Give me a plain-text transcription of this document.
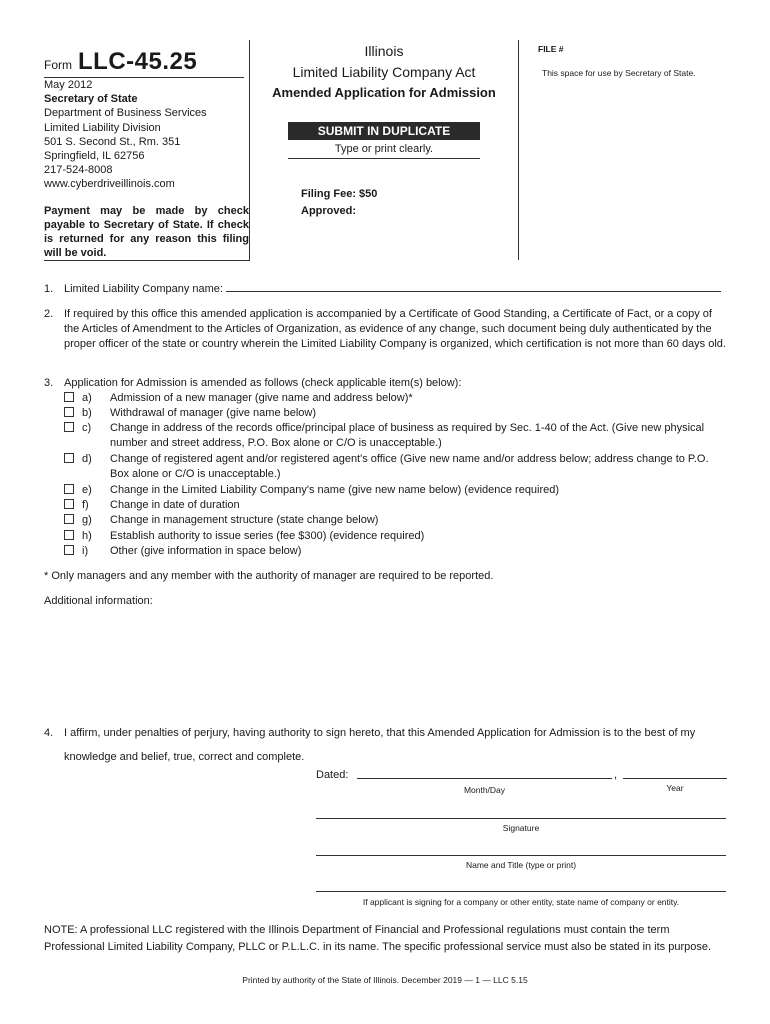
Form LLC-45.25
May 2012
Secretary of State
Department of Business Services
Limited Liability Division
501 S. Second St., Rm. 351
Springfield, IL 62756
217-524-8008
www.cyberdriveillinois.com
Payment may be made by check payable to Secretary of State. If check is returned for any reason this filing will be void.
Illinois
Limited Liability Company Act
Amended Application for Admission
SUBMIT IN DUPLICATE
Type or print clearly.
Filing Fee: $50
Approved:
FILE #
This space for use by Secretary of State.
1. Limited Liability Company name:
2. If required by this office this amended application is accompanied by a Certificate of Good Standing, a Certificate of Fact, or a copy of the Articles of Amendment to the Articles of Organization, as evidence of any change, such document being duly authenticated by the proper officer of the state or country wherein the Limited Liability Company is organized, which certification is not more than 60 days old.
3. Application for Admission is amended as follows (check applicable item(s) below):
a) Admission of a new manager (give name and address below)*
b) Withdrawal of manager (give name below)
c) Change in address of the records office/principal place of business as required by Sec. 1-40 of the Act. (Give new physical number and street address, P.O. Box alone or C/O is unacceptable.)
d) Change of registered agent and/or registered agent's office (Give new name and/or address below; address change to P.O. Box alone or C/O is unacceptable.)
e) Change in the Limited Liability Company's name (give new name below) (evidence required)
f) Change in date of duration
g) Change in management structure (state change below)
h) Establish authority to issue series (fee $300) (evidence required)
i) Other (give information in space below)
* Only managers and any member with the authority of manager are required to be reported.
Additional information:
4. I affirm, under penalties of perjury, having authority to sign hereto, that this Amended Application for Admission is to the best of my knowledge and belief, true, correct and complete.
Dated:	,
Month/Day	Year
Signature
Name and Title (type or print)
If applicant is signing for a company or other entity, state name of company or entity.
NOTE: A professional LLC registered with the Illinois Department of Financial and Professional regulations must contain the term Professional Limited Liability Company, PLLC or P.L.L.C. in its name. The specific professional service must also be stated in its purpose.
Printed by authority of the State of Illinois. December 2019 — 1 — LLC 5.15
